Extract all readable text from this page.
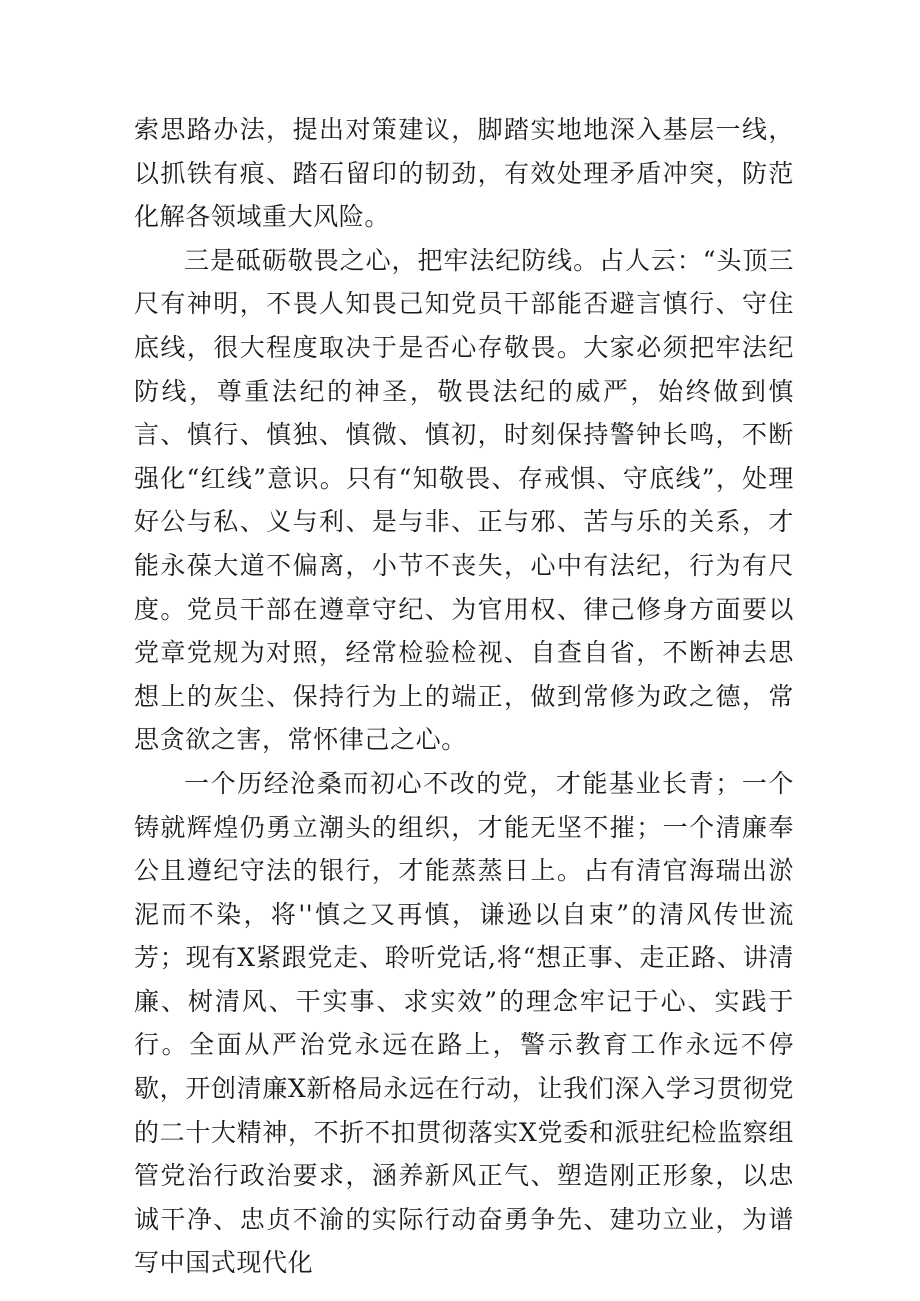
索思路办法，提出对策建议，脚踏实地地深入基层一线，以抓铁有痕、踏石留印的韧劲，有效处理矛盾冲突，防范化解各领域重大风险。

三是砥砺敬畏之心，把牢法纪防线。占人云：“头顶三尺有神明，不畏人知畏己知党员干部能否避言慎行、守住底线，很大程度取决于是否心存敬畏。大家必须把牢法纪防线，尊重法纪的神圣，敬畏法纪的威严，始终做到慎言、慎行、慎独、慎微、慎初，时刻保持警钟长鸣，不断强化“红线”意识。只有“知敬畏、存戒惧、守底线”，处理好公与私、义与利、是与非、正与邪、苦与乐的关系，才能永葆大道不偏离，小节不丧失，心中有法纪，行为有尺度。党员干部在遵章守纪、为官用权、律己修身方面要以党章党规为对照，经常检验检视、自查自省，不断神去思想上的灰尘、保持行为上的端正，做到常修为政之德，常思贪欲之害，常怀律己之心。

一个历经沧桑而初心不改的党，才能基业长青；一个铸就辉煌仍勇立潮头的组织，才能无坚不摧；一个清廉奉公且遵纪守法的银行，才能蒸蒸日上。占有清官海瑞出淤泥而不染，将''慎之又再慎，谦逊以自束”的清风传世流芳；现有X紧跟党走、聆听党话,将“想正事、走正路、讲清廉、树清风、干实事、求实效”的理念牢记于心、实践于行。全面从严治党永远在路上，警示教育工作永远不停歇，开创清廉X新格局永远在行动，让我们深入学习贯彻党的二十大精神，不折不扣贯彻落实X党委和派驻纪检监察组管党治行政治要求，涵养新风正气、塑造刚正形象，以忠诚干净、忠贞不渝的实际行动奋勇争先、建功立业，为谱写中国式现代化
